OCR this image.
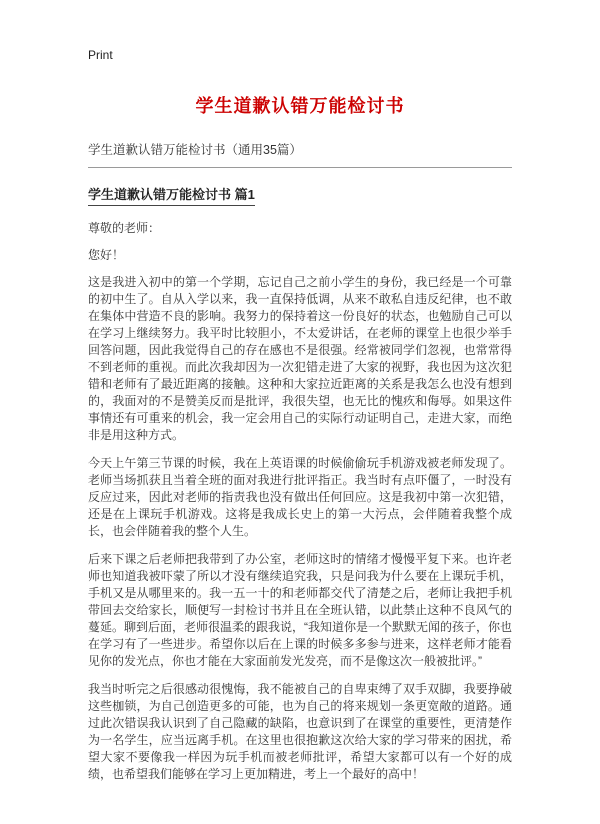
Print
学生道歉认错万能检讨书
学生道歉认错万能检讨书（通用35篇）
学生道歉认错万能检讨书 篇1

尊敬的老师：

您好！

这是我进入初中的第一个学期，忘记自己之前小学生的身份，我已经是一个可靠的初中生了。自从入学以来，我一直保持低调，从来不敢私自违反纪律，也不敢在集体中营造不良的影响。我努力的保持着这一份良好的状态，也勉励自己可以在学习上继续努力。我平时比较胆小，不太爱讲话，在老师的课堂上也很少举手回答问题，因此我觉得自己的存在感也不是很强。经常被同学们忽视，也常常得不到老师的重视。而此次我却因为一次犯错走进了大家的视野，我也因为这次犯错和老师有了最近距离的接触。这种和大家拉近距离的关系是我怎么也没有想到的，我面对的不是赞美反而是批评，我很失望，也无比的愧疚和侮辱。如果这件事情还有可重来的机会，我一定会用自己的实际行动证明自己，走进大家，而绝非是用这种方式。

今天上午第三节课的时候，我在上英语课的时候偷偷玩手机游戏被老师发现了。老师当场抓获且当着全班的面对我进行批评指正。我当时有点吓僵了，一时没有反应过来，因此对老师的指责我也没有做出任何回应。这是我初中第一次犯错，还是在上课玩手机游戏。这将是我成长史上的第一大污点，会伴随着我整个成长，也会伴随着我的整个人生。

后来下课之后老师把我带到了办公室，老师这时的情绪才慢慢平复下来。也许老师也知道我被吓蒙了所以才没有继续追究我，只是问我为什么要在上课玩手机，手机又是从哪里来的。我一五一十的和老师都交代了清楚之后，老师让我把手机带回去交给家长，顺便写一封检讨书并且在全班认错，以此禁止这种不良风气的蔓延。聊到后面，老师很温柔的跟我说，“我知道你是一个默默无闻的孩子，你也在学习有了一些进步。希望你以后在上课的时候多多参与进来，这样老师才能看见你的发光点，你也才能在大家面前发光发亮，而不是像这次一般被批评。”

我当时听完之后很感动很愧悔，我不能被自己的自卑束缚了双手双脚，我要挣破这些枷锁，为自己创造更多的可能，也为自己的将来规划一条更宽敞的道路。通过此次错误我认识到了自己隐藏的缺陷，也意识到了在课堂的重要性，更清楚作为一名学生，应当远离手机。在这里也很抱歉这次给大家的学习带来的困扰，希望大家不要像我一样因为玩手机而被老师批评，希望大家都可以有一个好的成绩，也希望我们能够在学习上更加精进，考上一个最好的高中！
